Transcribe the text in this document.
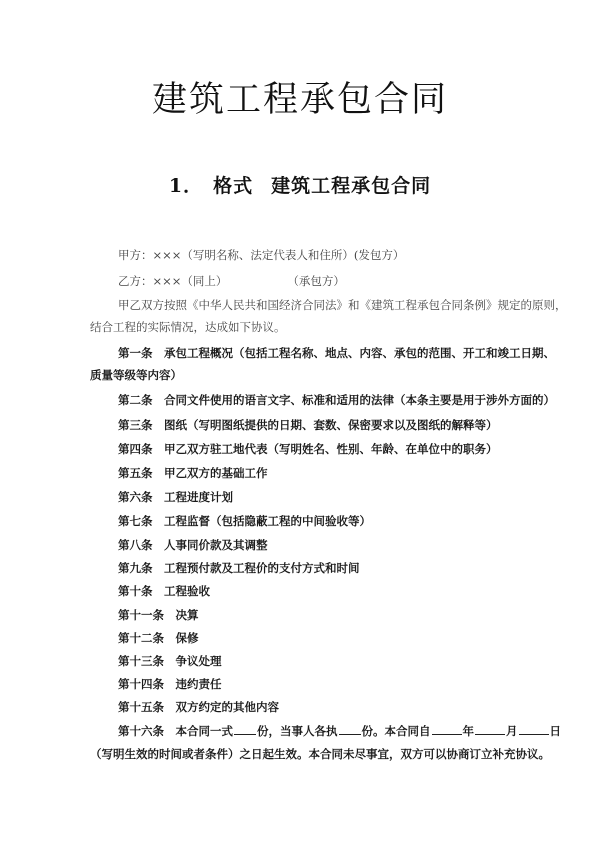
建筑工程承包合同
1． 格式 建筑工程承包合同
甲方：×××（写明名称、法定代表人和住所）(发包方）
乙方：×××（同上）	（承包方）
甲乙双方按照《中华人民共和国经济合同法》和《建筑工程承包合同条例》规定的原则，
结合工程的实际情况，达成如下协议。
第一条　承包工程概况（包括工程名称、地点、内容、承包的范围、开工和竣工日期、
质量等级等内容）
第二条　合同文件使用的语言文字、标准和适用的法律（本条主要是用于涉外方面的）
第三条　图纸（写明图纸提供的日期、套数、保密要求以及图纸的解释等）
第四条　甲乙双方驻工地代表（写明姓名、性别、年龄、在单位中的职务）
第五条　甲乙双方的基础工作
第六条　工程进度计划
第七条　工程监督（包括隐蔽工程的中间验收等）
第八条　人事同价款及其调整
第九条　工程预付款及工程价的支付方式和时间
第十条　工程验收
第十一条　决算
第十二条　保修
第十三条　争议处理
第十四条　违约责任
第十五条　双方约定的其他内容
第十六条　本合同一式 份，当事人各执 份。本合同自	年	月	日
（写明生效的时间或者条件）之日起生效。本合同未尽事宜，双方可以协商订立补充协议。
